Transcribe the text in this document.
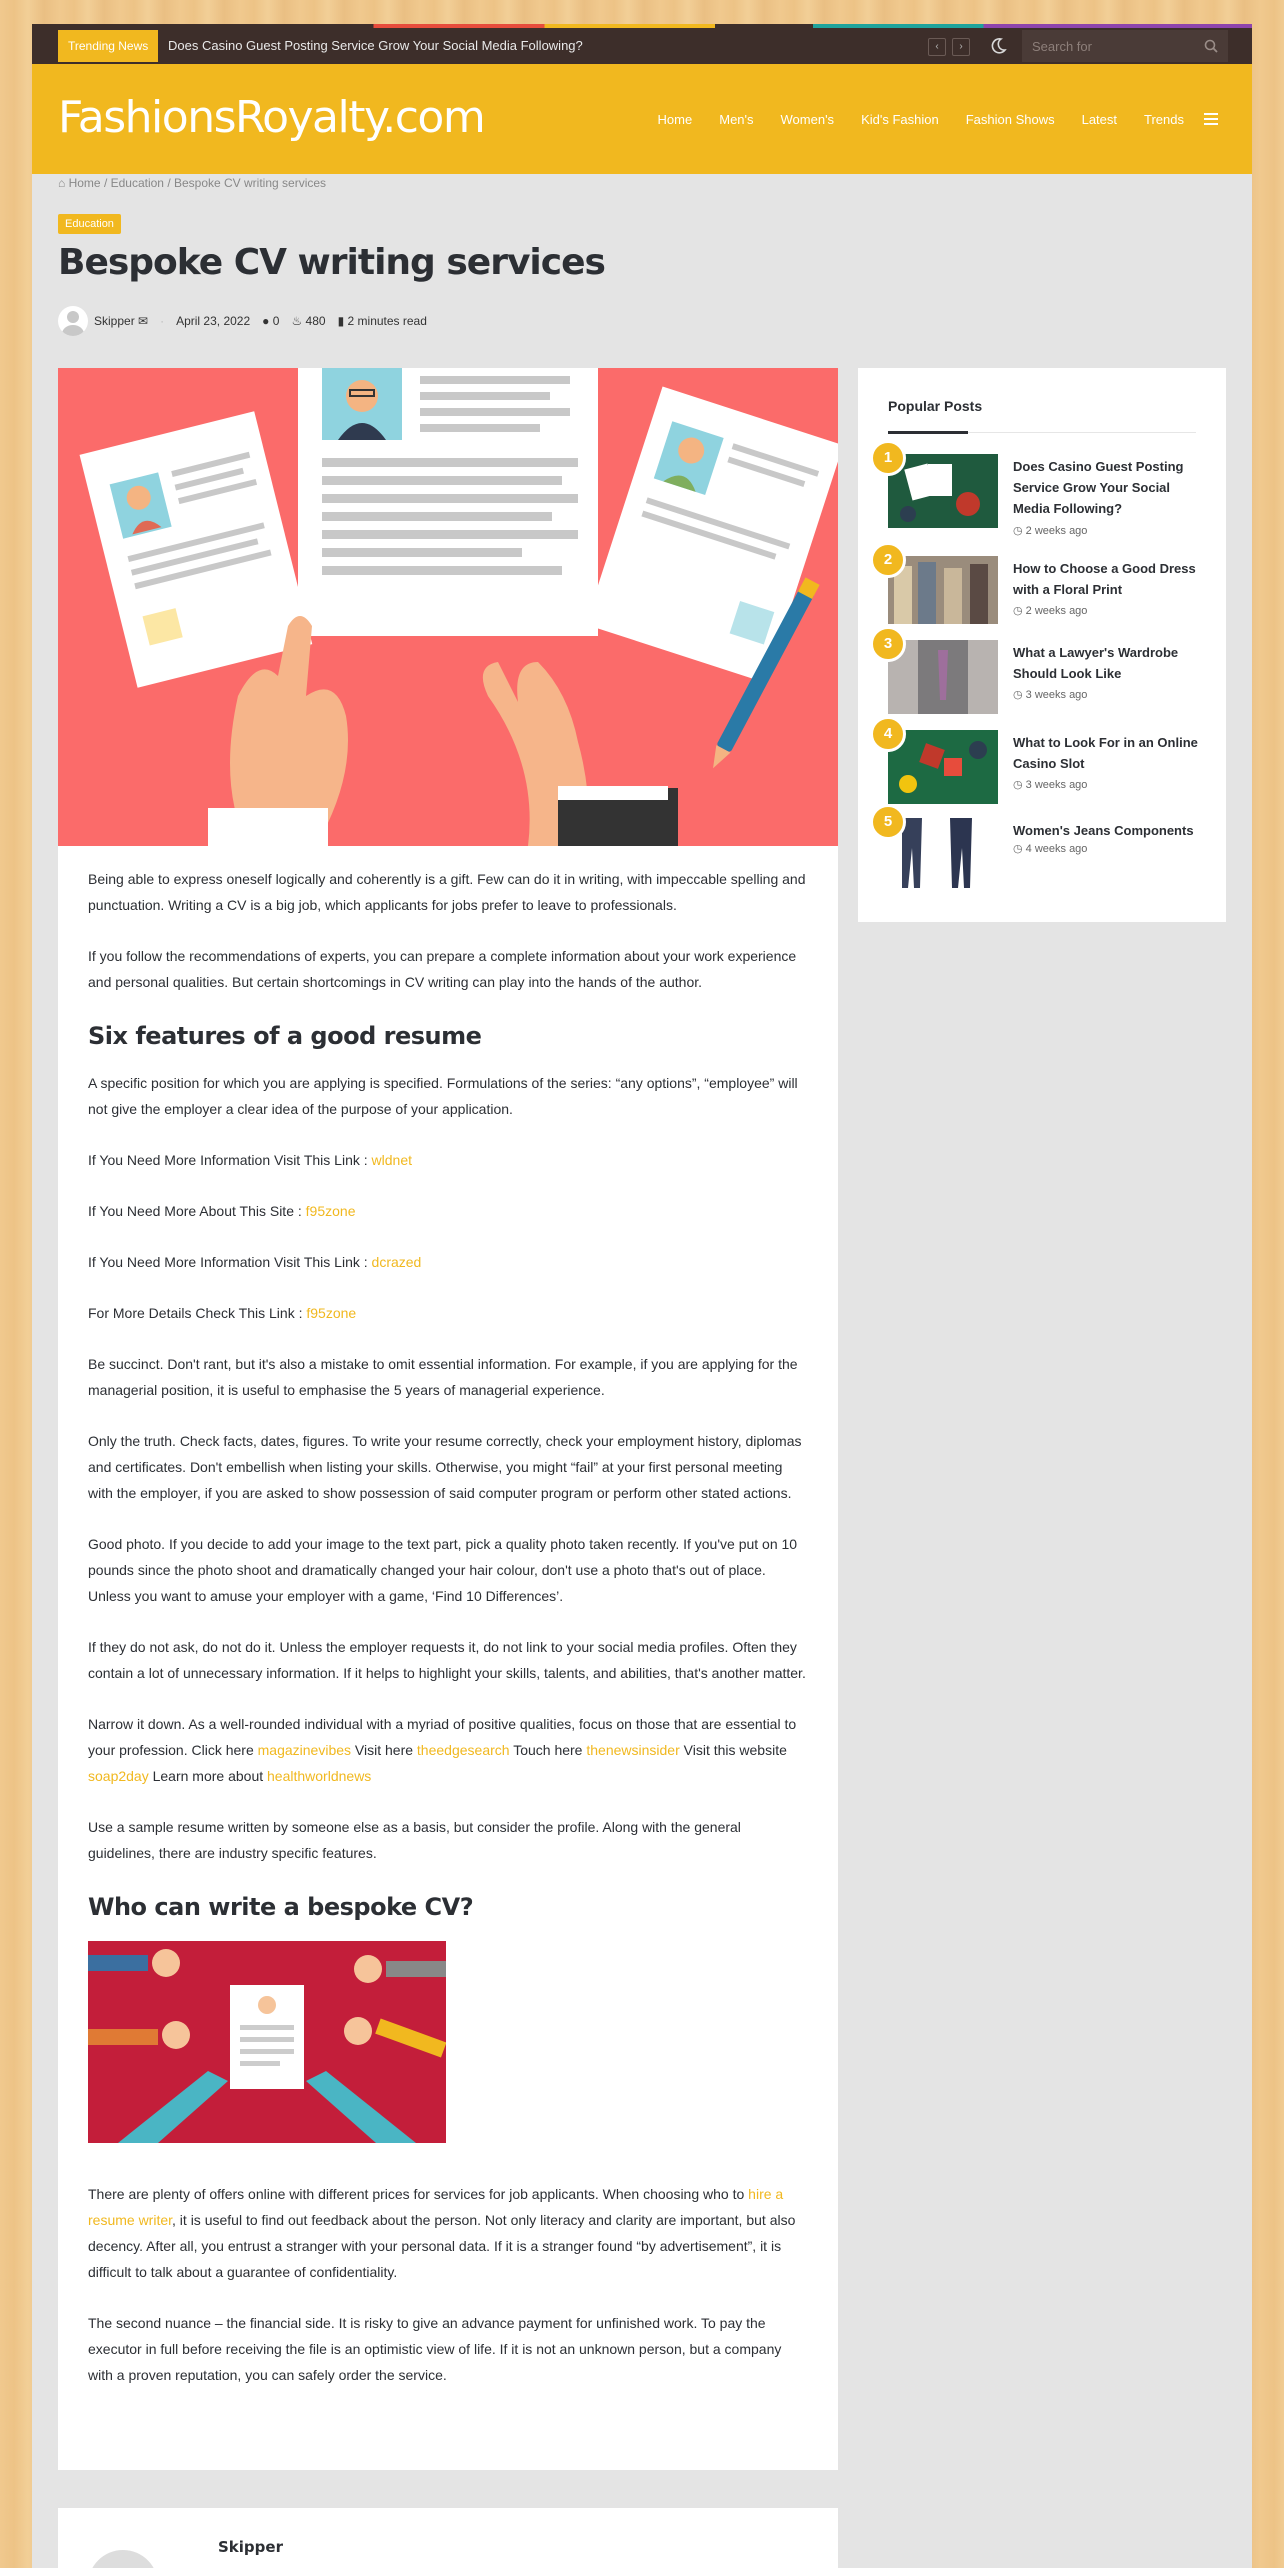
Trending News	Does Casino Guest Posting Service Grow Your Social Media Following?	‹	›
Search for
FashionsRoyalty.com	Home Men's Women's Kid's Fashion Fashion Shows Latest Trends
⌂ Home / Education / Bespoke CV writing services
Education
Bespoke CV writing services
Skipper ✉ · April 23, 2022 ● 0 ♨ 480 ▮ 2 minutes read

Being able to express oneself logically and coherently is a gift. Few can do it in writing, with impeccable spelling and punctuation. Writing a CV is a big job, which applicants for jobs prefer to leave to professionals.

If you follow the recommendations of experts, you can prepare a complete information about your work experience and personal qualities. But certain shortcomings in CV writing can play into the hands of the author.

Six features of a good resume

A specific position for which you are applying is specified. Formulations of the series: “any options”, “employee” will not give the employer a clear idea of the purpose of your application.

If You Need More Information Visit This Link : wldnet

If You Need More About This Site : f95zone

If You Need More Information Visit This Link : dcrazed

For More Details Check This Link : f95zone

Be succinct. Don't rant, but it's also a mistake to omit essential information. For example, if you are applying for the managerial position, it is useful to emphasise the 5 years of managerial experience.

Only the truth. Check facts, dates, figures. To write your resume correctly, check your employment history, diplomas and certificates. Don't embellish when listing your skills. Otherwise, you might “fail” at your first personal meeting with the employer, if you are asked to show possession of said computer program or perform other stated actions.

Good photo. If you decide to add your image to the text part, pick a quality photo taken recently. If you've put on 10 pounds since the photo shoot and dramatically changed your hair colour, don't use a photo that's out of place. Unless you want to amuse your employer with a game, ‘Find 10 Differences’.

If they do not ask, do not do it. Unless the employer requests it, do not link to your social media profiles. Often they contain a lot of unnecessary information. If it helps to highlight your skills, talents, and abilities, that's another matter.

Narrow it down. As a well-rounded individual with a myriad of positive qualities, focus on those that are essential to your profession. Click here magazinevibes Visit here theedgesearch Touch here thenewsinsider Visit this website soap2day Learn more about healthworldnews

Use a sample resume written by someone else as a basis, but consider the profile. Along with the general guidelines, there are industry specific features.

Who can write a bespoke CV?

There are plenty of offers online with different prices for services for job applicants. When choosing who to hire a resume writer, it is useful to find out feedback about the person. Not only literacy and clarity are important, but also decency. After all, you entrust a stranger with your personal data. If it is a stranger found “by advertisement”, it is difficult to talk about a guarantee of confidentiality.

The second nuance – the financial side. It is risky to give an advance payment for unfinished work. To pay the executor in full before receiving the file is an optimistic view of life. If it is not an unknown person, but a company with a proven reputation, you can safely order the service.

Skipper
Popular Posts
1
Does Casino Guest Posting Service Grow Your Social Media Following?
◷ 2 weeks ago
2
How to Choose a Good Dress with a Floral Print
◷ 2 weeks ago
3
What a Lawyer's Wardrobe Should Look Like
◷ 3 weeks ago
4
What to Look For in an Online Casino Slot
◷ 3 weeks ago
5
Women's Jeans Components
◷ 4 weeks ago
